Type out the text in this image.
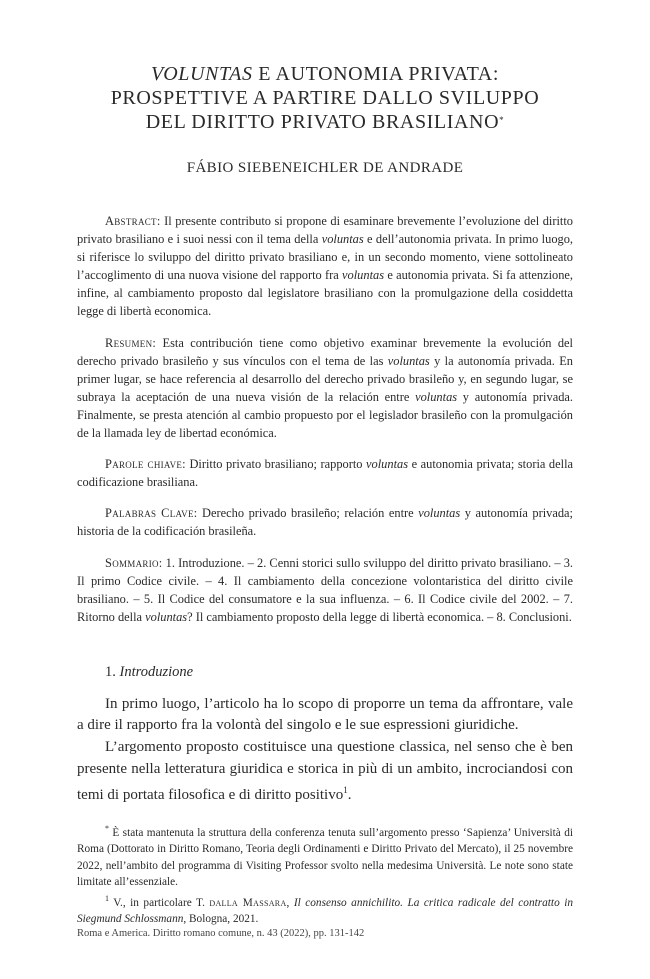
VOLUNTAS E AUTONOMIA PRIVATA:
PROSPETTIVE A PARTIRE DALLO SVILUPPO
DEL DIRITTO PRIVATO BRASILIANO*
FÁBIO SIEBENEICHLER DE ANDRADE

Abstract: Il presente contributo si propone di esaminare brevemente l’evoluzione del diritto privato brasiliano e i suoi nessi con il tema della voluntas e dell’autonomia privata. In primo luogo, si riferisce lo sviluppo del diritto privato brasiliano e, in un secondo momento, viene sottolineato l’accoglimento di una nuova visione del rapporto fra voluntas e autonomia privata. Si fa attenzione, infine, al cambiamento proposto dal legislatore brasiliano con la promulgazione della cosiddetta legge di libertà economica.

Resumen: Esta contribución tiene como objetivo examinar brevemente la evolución del derecho privado brasileño y sus vínculos con el tema de las voluntas y la autonomía privada. En primer lugar, se hace referencia al desarrollo del derecho privado brasileño y, en segundo lugar, se subraya la aceptación de una nueva visión de la relación entre voluntas y autonomía privada. Finalmente, se presta atención al cambio propuesto por el legislador brasileño con la promulgación de la llamada ley de libertad económica.

Parole chiave: Diritto privato brasiliano; rapporto voluntas e autonomia privata; storia della codificazione brasiliana.

Palabras Clave: Derecho privado brasileño; relación entre voluntas y autonomía privada; historia de la codificación brasileña.

Sommario: 1. Introduzione. – 2. Cenni storici sullo sviluppo del diritto privato brasiliano. – 3. Il primo Codice civile. – 4. Il cambiamento della concezione volontaristica del diritto civile brasiliano. – 5. Il Codice del consumatore e la sua influenza. – 6. Il Codice civile del 2002. – 7. Ritorno della voluntas? Il cambiamento proposto della legge di libertà economica. – 8. Conclusioni.

1. Introduzione

In primo luogo, l’articolo ha lo scopo di proporre un tema da affrontare, vale a dire il rapporto fra la volontà del singolo e le sue espressioni giuridiche.

L’argomento proposto costituisce una questione classica, nel senso che è ben presente nella letteratura giuridica e storica in più di un ambito, incrociandosi con temi di portata filosofica e di diritto positivo$^1$.

* È stata mantenuta la struttura della conferenza tenuta sull’argomento presso ‘Sapienza’ Università di Roma (Dottorato in Diritto Romano, Teoria degli Ordinamenti e Diritto Privato del Mercato), il 25 novembre 2022, nell’ambito del programma di Visiting Professor svolto nella medesima Università. Le note sono state limitate all’essenziale.

$^1$ V., in particolare T. dalla Massara, Il consenso annichilito. La critica radicale del contratto in Siegmund Schlossmann, Bologna, 2021.

Roma e America. Diritto romano comune, n. 43 (2022), pp. 131-142
